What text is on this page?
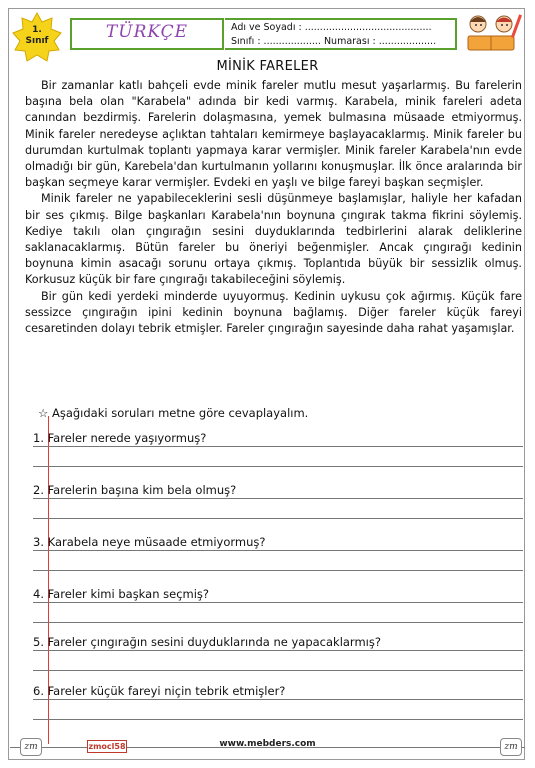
1.
Sınıf	TÜRKÇE	Adı ve Soyadı : ..........................................
Sınıfı : ................... Numarası : ...................
MİNİK FARELER

Bir zamanlar katlı bahçeli evde minik fareler mutlu mesut yaşarlarmış. Bu farelerin başına bela olan "Karabela" adında bir kedi varmış. Karabela, minik fareleri adeta canından bezdirmiş. Farelerin dolaşmasına, yemek bulmasına müsaade etmiyormuş. Minik fareler neredeyse açlıktan tahtaları kemirmeye başlayacaklarmış. Minik fareler bu durumdan kurtulmak toplantı yapmaya karar vermişler. Minik fareler Karabela'nın evde olmadığı bir gün, Karebela'dan kurtulmanın yollarını konuşmuşlar. İlk önce aralarında bir başkan seçmeye karar vermişler. Evdeki en yaşlı ve bilge fareyi başkan seçmişler.

Minik fareler ne yapabileceklerini sesli düşünmeye başlamışlar, haliyle her kafadan bir ses çıkmış. Bilge başkanları Karabela'nın boynuna çıngırak takma fikrini söylemiş. Kediye takılı olan çıngırağın sesini duyduklarında tedbirlerini alarak deliklerine saklanacaklarmış. Bütün fareler bu öneriyi beğenmişler. Ancak çıngırağı kedinin boynuna kimin asacağı sorunu ortaya çıkmış. Toplantıda büyük bir sessizlik olmuş. Korkusuz küçük bir fare çıngırağı takabileceğini söylemiş.

Bir gün kedi yerdeki minderde uyuyormuş. Kedinin uykusu çok ağırmış. Küçük fare sessizce çıngırağın ipini kedinin boynuna bağlamış. Diğer fareler küçük fareyi cesaretinden dolayı tebrik etmişler. Fareler çıngırağın sayesinde daha rahat yaşamışlar.

☆ Aşağıdaki soruları metne göre cevaplayalım.
1. Fareler nerede yaşıyormuş?
2. Farelerin başına kim bela olmuş?
3. Karabela neye müsaade etmiyormuş?
4. Fareler kimi başkan seçmiş?
5. Fareler çıngırağın sesini duyduklarında ne yapacaklarmış?
6. Fareler küçük fareyi niçin tebrik etmişler?
zm	zmocl58	www.mebders.com	zm
